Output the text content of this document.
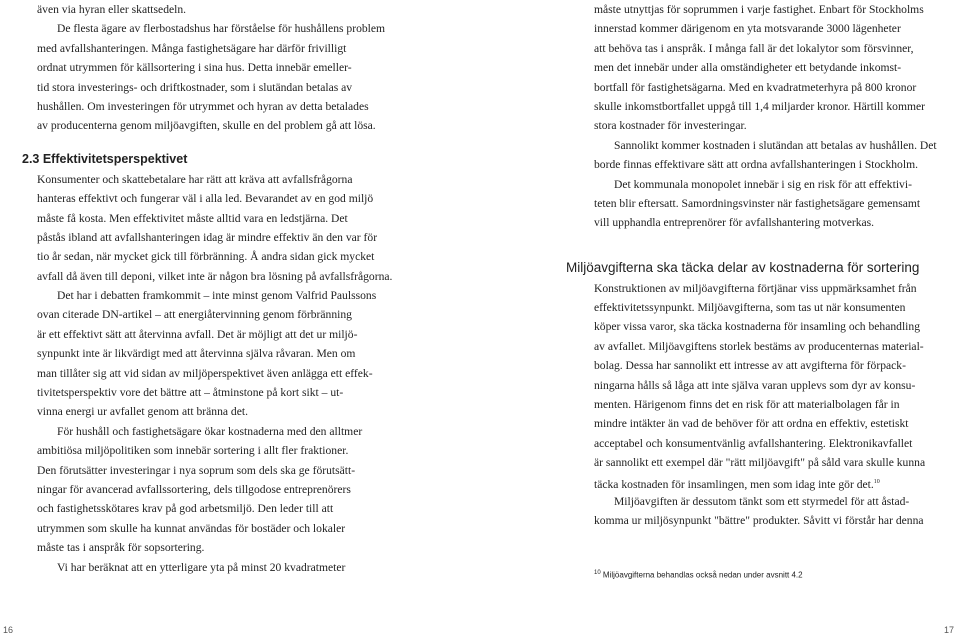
även via hyran eller skattsedeln.
De flesta ägare av flerbostadshus har förståelse för hushållens problem
med avfallshanteringen. Många fastighetsägare har därför frivilligt
ordnat utrymmen för källsortering i sina hus. Detta innebär emeller-
tid stora investerings- och driftkostnader, som i slutändan betalas av
hushållen. Om investeringen för utrymmet och hyran av detta betalades
av producenterna genom miljöavgiften, skulle en del problem gå att lösa.
2.3 Effektivitetsperspektivet
Konsumenter och skattebetalare har rätt att kräva att avfallsfrågorna
hanteras effektivt och fungerar väl i alla led. Bevarandet av en god miljö
måste få kosta. Men effektivitet måste alltid vara en ledstjärna. Det
påstås ibland att avfallshanteringen idag är mindre effektiv än den var för
tio år sedan, när mycket gick till förbränning. Å andra sidan gick mycket
avfall då även till deponi, vilket inte är någon bra lösning på avfallsfrågorna.
Det har i debatten framkommit – inte minst genom Valfrid Paulssons
ovan citerade DN-artikel – att energiåtervinning genom förbränning
är ett effektivt sätt att återvinna avfall. Det är möjligt att det ur miljö-
synpunkt inte är likvärdigt med att återvinna själva råvaran. Men om
man tillåter sig att vid sidan av miljöperspektivet även anlägga ett effek-
tivitetsperspektiv vore det bättre att – åtminstone på kort sikt – ut-
vinna energi ur avfallet genom att bränna det.
För hushåll och fastighetsägare ökar kostnaderna med den alltmer
ambitiösa miljöpolitiken som innebär sortering i allt fler fraktioner.
Den förutsätter investeringar i nya soprum som dels ska ge förutsätt-
ningar för avancerad avfallssortering, dels tillgodose entreprenörers
och fastighetsskötares krav på god arbetsmiljö. Den leder till att
utrymmen som skulle ha kunnat användas för bostäder och lokaler
måste tas i anspråk för sopsortering.
Vi har beräknat att en ytterligare yta på minst 20 kvadratmeter
måste utnyttjas för soprummen i varje fastighet. Enbart för Stockholms
innerstad kommer därigenom en yta motsvarande 3000 lägenheter
att behöva tas i anspråk. I många fall är det lokalytor som försvinner,
men det innebär under alla omständigheter ett betydande inkomst-
bortfall för fastighetsägarna. Med en kvadratmeterhyra på 800 kronor
skulle inkomstbortfallet uppgå till 1,4 miljarder kronor. Härtill kommer
stora kostnader för investeringar.
Sannolikt kommer kostnaden i slutändan att betalas av hushållen. Det
borde finnas effektivare sätt att ordna avfallshanteringen i Stockholm.
Det kommunala monopolet innebär i sig en risk för att effektivi-
teten blir eftersatt. Samordningsvinster när fastighetsägare gemensamt
vill upphandla entreprenörer för avfallshantering motverkas.
Miljöavgifterna ska täcka delar av kostnaderna för sortering
Konstruktionen av miljöavgifterna förtjänar viss uppmärksamhet från
effektivitetssynpunkt. Miljöavgifterna, som tas ut när konsumenten
köper vissa varor, ska täcka kostnaderna för insamling och behandling
av avfallet. Miljöavgiftens storlek bestäms av producenternas material-
bolag. Dessa har sannolikt ett intresse av att avgifterna för förpack-
ningarna hålls så låga att inte själva varan upplevs som dyr av konsu-
menten. Härigenom finns det en risk för att materialbolagen får in
mindre intäkter än vad de behöver för att ordna en effektiv, estetiskt
acceptabel och konsumentvänlig avfallshantering. Elektronikavfallet
är sannolikt ett exempel där "rätt miljöavgift" på såld vara skulle kunna
täcka kostnaden för insamlingen, men som idag inte gör det.$^{10}$
Miljöavgiften är dessutom tänkt som ett styrmedel för att åstad-
komma ur miljösynpunkt "bättre" produkter. Såvitt vi förstår har denna
$^{10}$ Miljöavgifterna behandlas också nedan under avsnitt 4.2
16	17
